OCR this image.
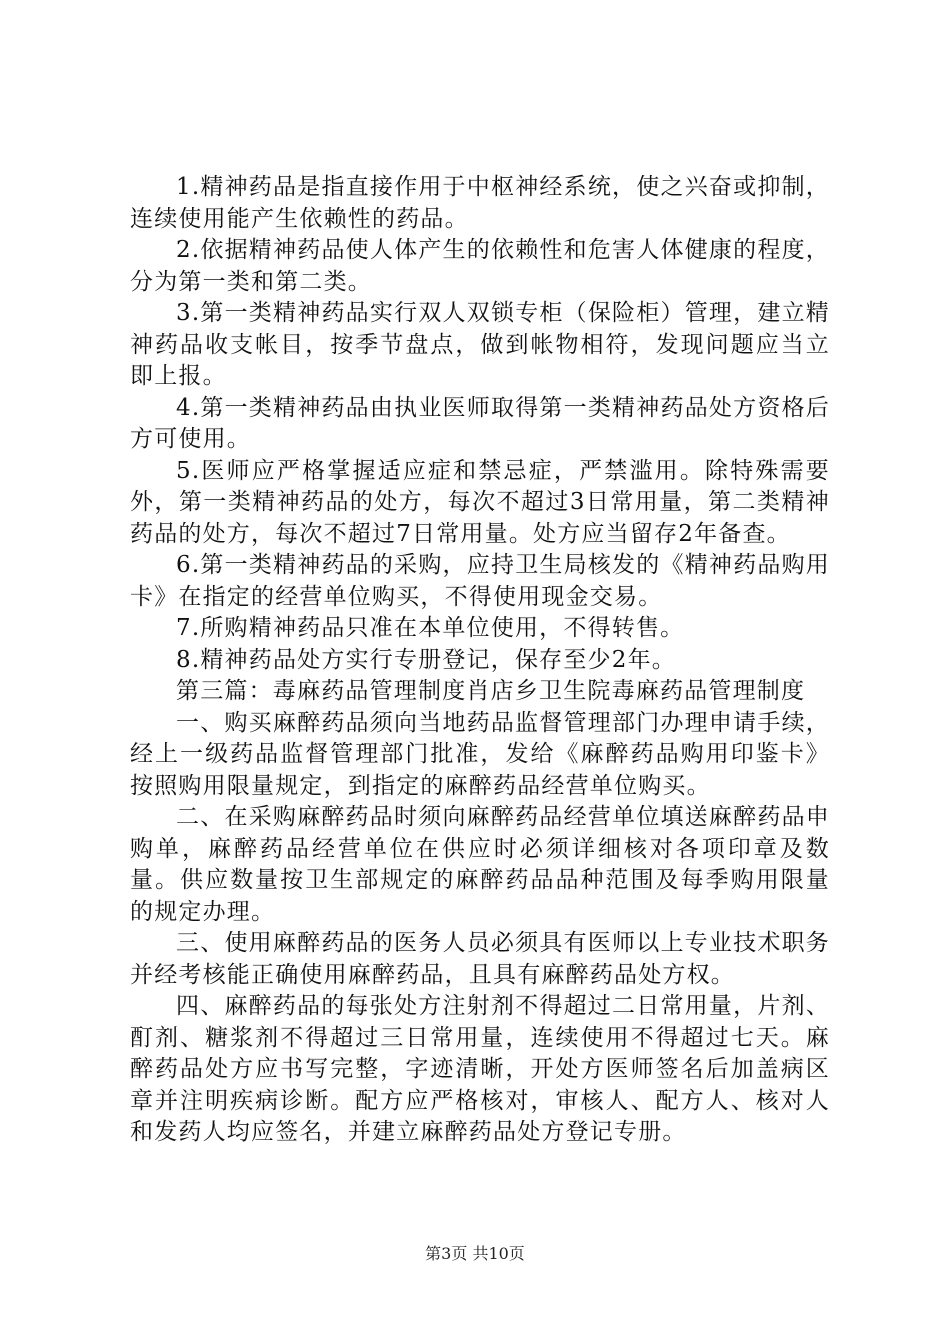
1.精神药品是指直接作用于中枢神经系统，使之兴奋或抑制，连续使用能产生依赖性的药品。

2.依据精神药品使人体产生的依赖性和危害人体健康的程度，分为第一类和第二类。

3.第一类精神药品实行双人双锁专柜（保险柜）管理，建立精神药品收支帐目，按季节盘点，做到帐物相符，发现问题应当立即上报。

4.第一类精神药品由执业医师取得第一类精神药品处方资格后方可使用。

5.医师应严格掌握适应症和禁忌症，严禁滥用。除特殊需要外，第一类精神药品的处方，每次不超过3日常用量，第二类精神药品的处方，每次不超过7日常用量。处方应当留存2年备查。

6.第一类精神药品的采购，应持卫生局核发的《精神药品购用卡》在指定的经营单位购买，不得使用现金交易。

7.所购精神药品只准在本单位使用，不得转售。

8.精神药品处方实行专册登记，保存至少2年。

第三篇：毒麻药品管理制度肖店乡卫生院毒麻药品管理制度

一、购买麻醉药品须向当地药品监督管理部门办理申请手续，经上一级药品监督管理部门批准，发给《麻醉药品购用印鉴卡》按照购用限量规定，到指定的麻醉药品经营单位购买。

二、在采购麻醉药品时须向麻醉药品经营单位填送麻醉药品申购单，麻醉药品经营单位在供应时必须详细核对各项印章及数量。供应数量按卫生部规定的麻醉药品品种范围及每季购用限量的规定办理。

三、使用麻醉药品的医务人员必须具有医师以上专业技术职务并经考核能正确使用麻醉药品，且具有麻醉药品处方权。

四、麻醉药品的每张处方注射剂不得超过二日常用量，片剂、酊剂、糖浆剂不得超过三日常用量，连续使用不得超过七天。麻醉药品处方应书写完整，字迹清晰，开处方医师签名后加盖病区章并注明疾病诊断。配方应严格核对，审核人、配方人、核对人和发药人均应签名，并建立麻醉药品处方登记专册。

第3页 共10页
